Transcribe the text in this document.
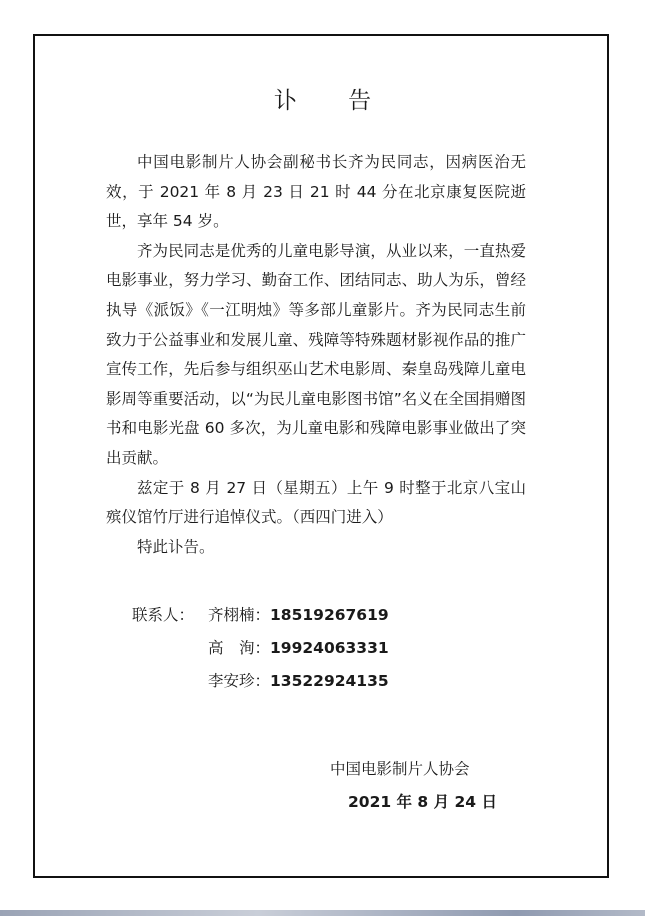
讣 告

中国电影制片人协会副秘书长齐为民同志，因病医治无效，于 2021 年 8 月 23 日 21 时 44 分在北京康复医院逝世，享年 54 岁。

齐为民同志是优秀的儿童电影导演，从业以来，一直热爱电影事业，努力学习、勤奋工作、团结同志、助人为乐，曾经执导《派饭》《一江明烛》等多部儿童影片。齐为民同志生前致力于公益事业和发展儿童、残障等特殊题材影视作品的推广宣传工作，先后参与组织巫山艺术电影周、秦皇岛残障儿童电影周等重要活动，以“为民儿童电影图书馆”名义在全国捐赠图书和电影光盘 60 多次，为儿童电影和残障电影事业做出了突出贡献。

兹定于 8 月 27 日（星期五）上午 9 时整于北京八宝山殡仪馆竹厅进行追悼仪式。（西四门进入）

特此讣告。

联系人： 齐栩楠：18519267619
高　洵：19924063331
李安珍：13522924135
中国电影制片人协会
2021 年 8 月 24 日
